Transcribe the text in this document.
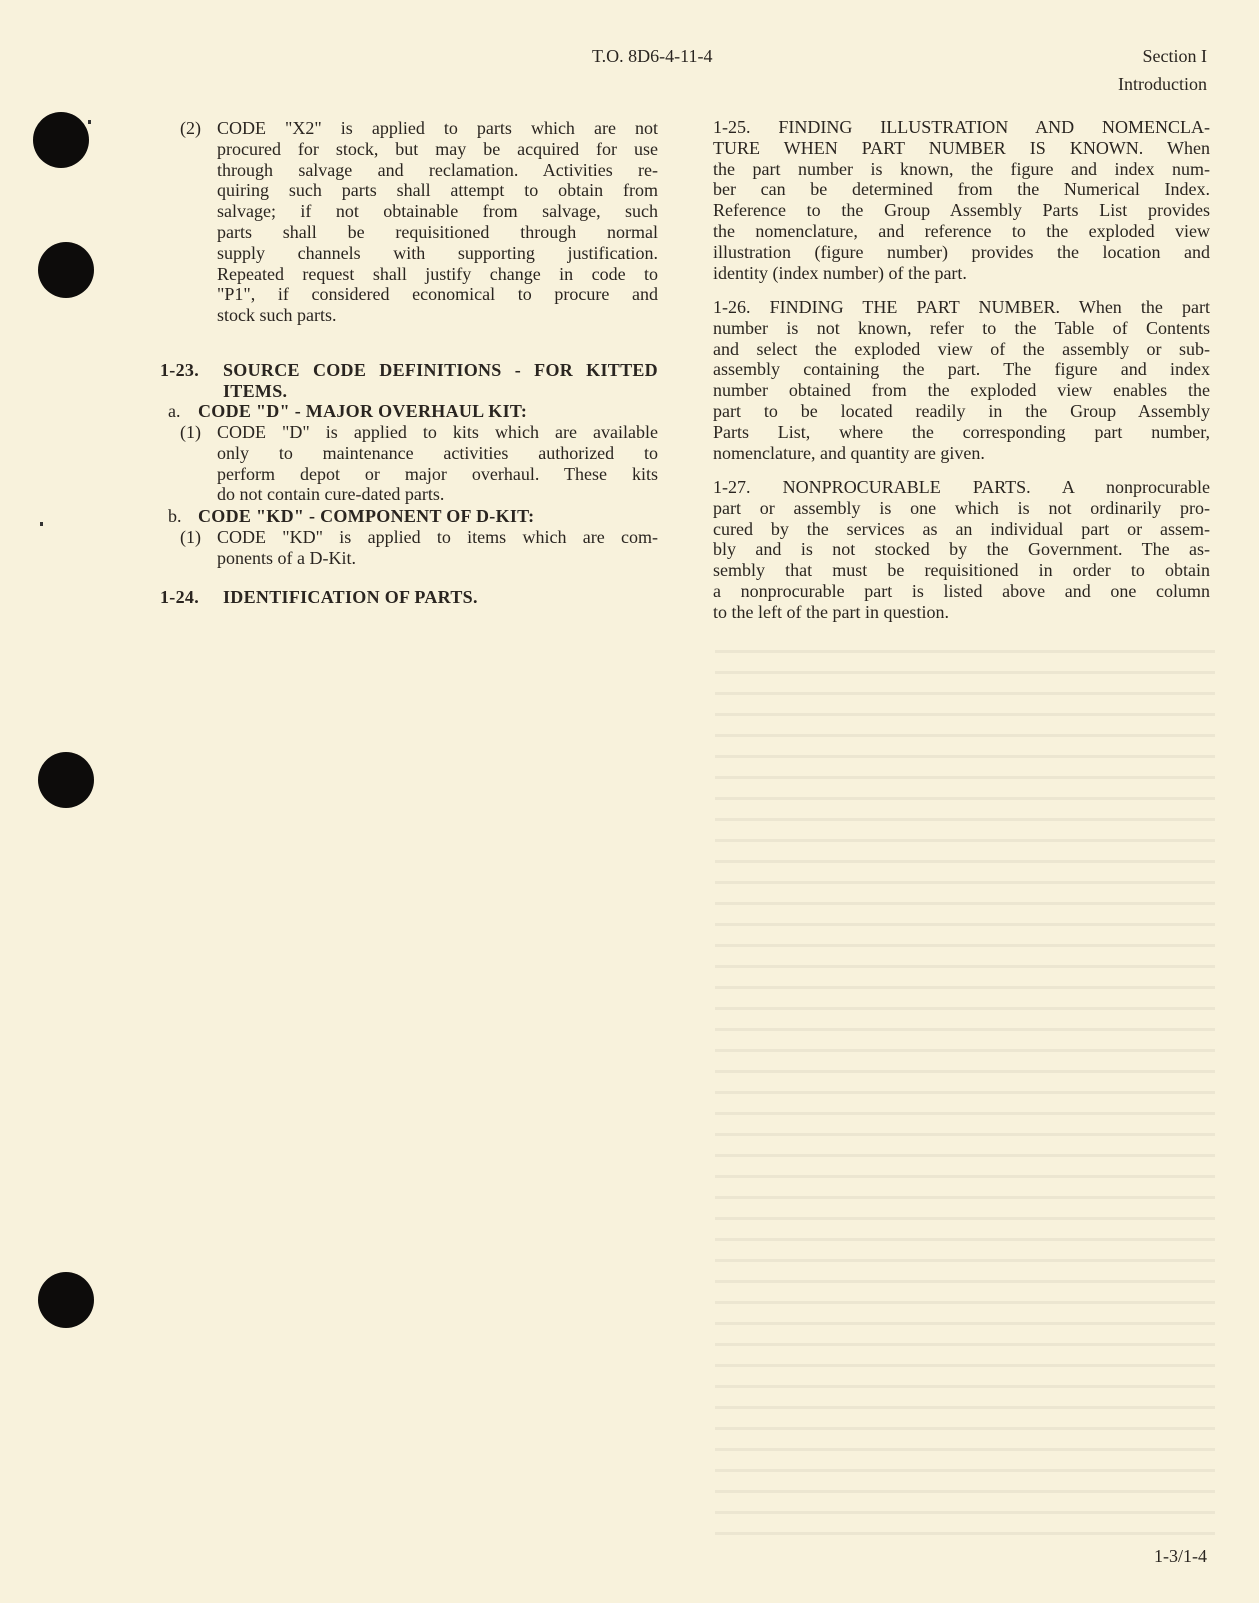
T.O. 8D6-4-11-4	Section I
Introduction
(2) CODE "X2" is applied to parts which are not
procured for stock, but may be acquired for use
through salvage and reclamation. Activities re-
quiring such parts shall attempt to obtain from
salvage; if not obtainable from salvage, such
parts shall be requisitioned through normal
supply channels with supporting justification.
Repeated request shall justify change in code to
"P1", if considered economical to procure and
stock such parts.
1-23. SOURCE CODE DEFINITIONS - FOR KITTED
ITEMS.
a. CODE "D" - MAJOR OVERHAUL KIT:
(1) CODE "D" is applied to kits which are available
only to maintenance activities authorized to
perform depot or major overhaul. These kits
do not contain cure-dated parts.
b. CODE "KD" - COMPONENT OF D-KIT:
(1) CODE "KD" is applied to items which are com-
ponents of a D-Kit.
1-24. IDENTIFICATION OF PARTS.
1-25. FINDING ILLUSTRATION AND NOMENCLA-
TURE WHEN PART NUMBER IS KNOWN. When
the part number is known, the figure and index num-
ber can be determined from the Numerical Index.
Reference to the Group Assembly Parts List provides
the nomenclature, and reference to the exploded view
illustration (figure number) provides the location and
identity (index number) of the part.
1-26. FINDING THE PART NUMBER. When the part
number is not known, refer to the Table of Contents
and select the exploded view of the assembly or sub-
assembly containing the part. The figure and index
number obtained from the exploded view enables the
part to be located readily in the Group Assembly
Parts List, where the corresponding part number,
nomenclature, and quantity are given.
1-27. NONPROCURABLE PARTS. A nonprocurable
part or assembly is one which is not ordinarily pro-
cured by the services as an individual part or assem-
bly and is not stocked by the Government. The as-
sembly that must be requisitioned in order to obtain
a nonprocurable part is listed above and one column
to the left of the part in question.
1-3/1-4
